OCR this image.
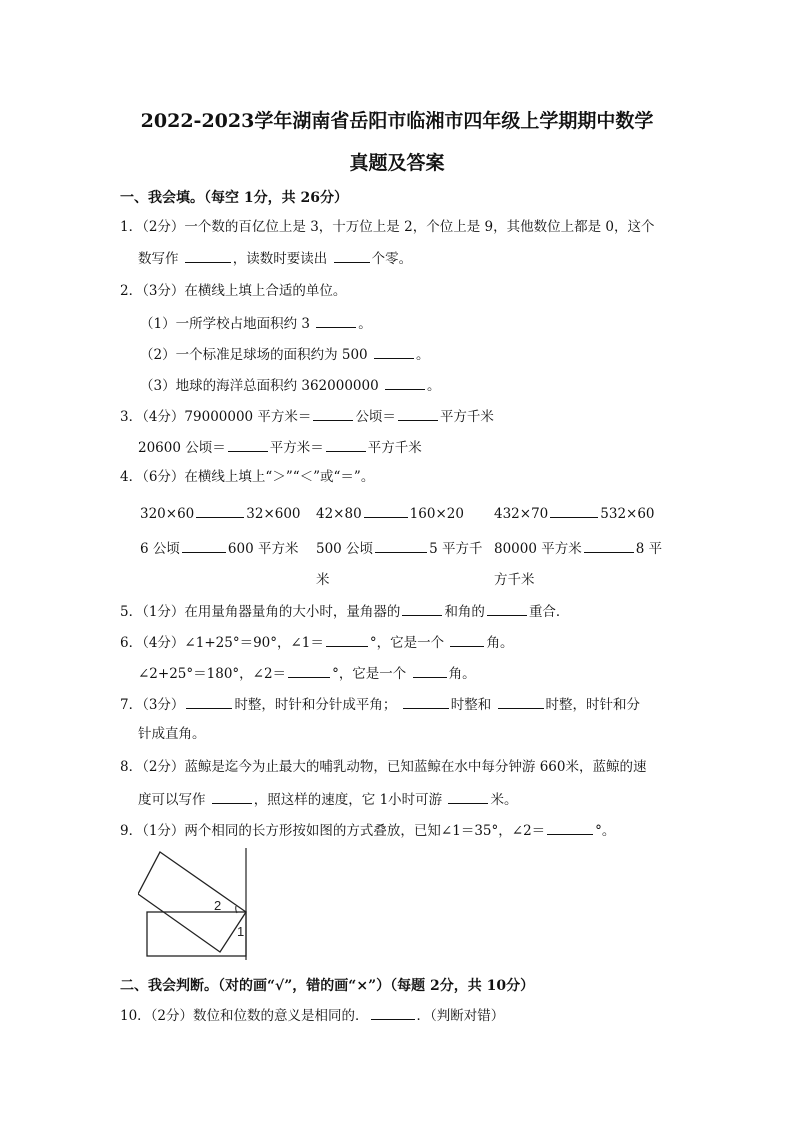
2022-2023学年湖南省岳阳市临湘市四年级上学期期中数学
真题及答案
一、我会填。（每空 1分，共 26分）
1．（2分）一个数的百亿位上是 3，十万位上是 2，个位上是 9，其他数位上都是 0，这个
数写作	，读数时要读出	个零。
2．（3分）在横线上填上合适的单位。
（1）一所学校占地面积约 3	。
（2）一个标准足球场的面积约为 500	。
（3）地球的海洋总面积约 362000000	。
3．（4分）79000000 平方米＝	公顷＝	平方千米
20600 公顷＝	平方米＝	平方千米
4．（6分）在横线上填上“＞”“＜”或“＝”。
320×60	32×600 42×80	160×20 432×70	532×60
6 公顷	600 平方米 500 公顷	5 平方千
米
80000 平方米	8 平
方千米
5．（1分）在用量角器量角的大小时，量角器的	和角的	重合．
6．（4分）∠1+25°＝90°，∠1＝	°，它是一个	角。
∠2+25°＝180°，∠2＝	°，它是一个	角。
7．（3分）	时整，时针和分针成平角；	时整和	时整，时针和分
针成直角。
8．（2分）蓝鲸是迄今为止最大的哺乳动物，已知蓝鲸在水中每分钟游 660米，蓝鲸的速
度可以写作	，照这样的速度，它 1小时可游	米。
9．（1分）两个相同的长方形按如图的方式叠放，已知∠1＝35°，∠2＝	°。
2
1
二、我会判断。（对的画“√”，错的画“×”）（每题 2分，共 10分）
10．（2分）数位和位数的意义是相同的．	．（判断对错）
